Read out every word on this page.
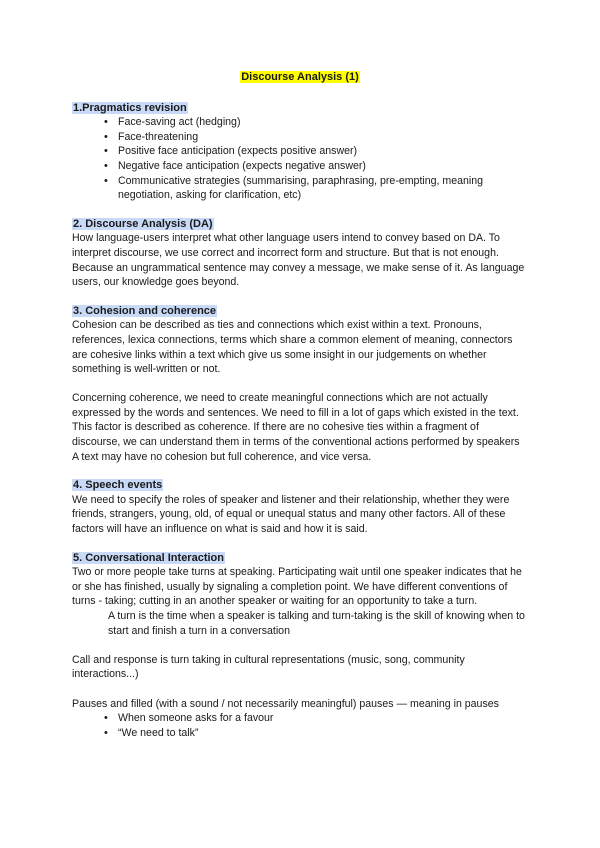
Discourse Analysis (1)

1.Pragmatics revision

• Face-saving act (hedging)
• Face-threatening
• Positive face anticipation (expects positive answer)
• Negative face anticipation (expects negative answer)
• Communicative strategies (summarising, paraphrasing, pre-empting, meaning negotiation, asking for clarification, etc)

2. Discourse Analysis (DA)

How language-users interpret what other language users intend to convey based on DA. To interpret discourse, we use correct and incorrect form and structure. But that is not enough. Because an ungrammatical sentence may convey a message, we make sense of it. As language users, our knowledge goes beyond.

3. Cohesion and coherence

Cohesion can be described as ties and connections which exist within a text. Pronouns, references, lexica connections, terms which share a common element of meaning, connectors are cohesive links within a text which give us some insight in our judgements on whether something is well-written or not.

Concerning coherence, we need to create meaningful connections which are not actually expressed by the words and sentences. We need to fill in a lot of gaps which existed in the text. This factor is described as coherence. If there are no cohesive ties within a fragment of discourse, we can understand them in terms of the conventional actions performed by speakers

A text may have no cohesion but full coherence, and vice versa.

4. Speech events

We need to specify the roles of speaker and listener and their relationship, whether they were friends, strangers, young, old, of equal or unequal status and many other factors. All of these factors will have an influence on what is said and how it is said.

5. Conversational Interaction

Two or more people take turns at speaking. Participating wait until one speaker indicates that he or she has finished, usually by signaling a completion point. We have different conventions of turns - taking; cutting in an another speaker or waiting for an opportunity to take a turn.

A turn is the time when a speaker is talking and turn-taking is the skill of knowing when to start and finish a turn in a conversation

Call and response is turn taking in cultural representations (music, song, community interactions...)

Pauses and filled (with a sound / not necessarily meaningful) pauses — meaning in pauses

• When someone asks for a favour
• “We need to talk”
